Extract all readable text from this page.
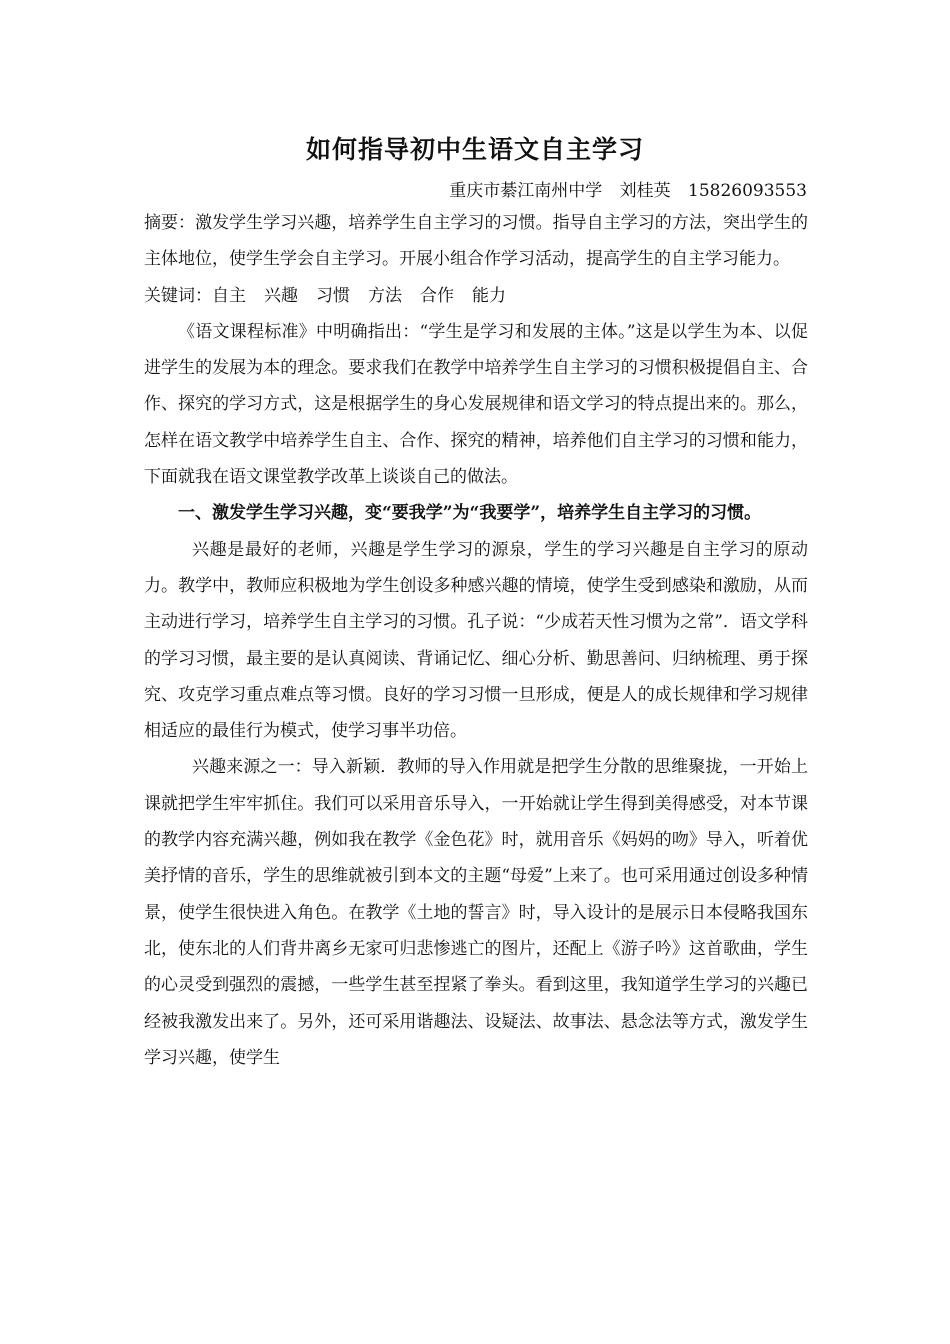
如何指导初中生语文自主学习
重庆市綦江南州中学 刘桂英 15826093553

摘要：激发学生学习兴趣，培养学生自主学习的习惯。指导自主学习的方法，突出学生的主体地位，使学生学会自主学习。开展小组合作学习活动，提高学生的自主学习能力。

关键词：自主 兴趣 习惯 方法 合作 能力

《语文课程标准》中明确指出：“学生是学习和发展的主体。”这是以学生为本、以促进学生的发展为本的理念。要求我们在教学中培养学生自主学习的习惯积极提倡自主、合作、探究的学习方式，这是根据学生的身心发展规律和语文学习的特点提出来的。那么，怎样在语文教学中培养学生自主、合作、探究的精神，培养他们自主学习的习惯和能力，下面就我在语文课堂教学改革上谈谈自己的做法。

一、激发学生学习兴趣，变“要我学”为“我要学”，培养学生自主学习的习惯。

兴趣是最好的老师，兴趣是学生学习的源泉，学生的学习兴趣是自主学习的原动力。教学中，教师应积极地为学生创设多种感兴趣的情境，使学生受到感染和激励，从而主动进行学习，培养学生自主学习的习惯。孔子说：“少成若天性习惯为之常”．语文学科的学习习惯，最主要的是认真阅读、背诵记忆、细心分析、勤思善问、归纳梳理、勇于探究、攻克学习重点难点等习惯。良好的学习习惯一旦形成，便是人的成长规律和学习规律相适应的最佳行为模式，使学习事半功倍。

兴趣来源之一：导入新颖．教师的导入作用就是把学生分散的思维聚拢，一开始上课就把学生牢牢抓住。我们可以采用音乐导入，一开始就让学生得到美得感受，对本节课的教学内容充满兴趣，例如我在教学《金色花》时，就用音乐《妈妈的吻》导入，听着优美抒情的音乐，学生的思维就被引到本文的主题“母爱”上来了。也可采用通过创设多种情景，使学生很快进入角色。在教学《土地的誓言》时，导入设计的是展示日本侵略我国东北，使东北的人们背井离乡无家可归悲惨逃亡的图片，还配上《游子吟》这首歌曲，学生的心灵受到强烈的震撼，一些学生甚至捏紧了拳头。看到这里，我知道学生学习的兴趣已经被我激发出来了。另外，还可采用谐趣法、设疑法、故事法、悬念法等方式，激发学生学习兴趣，使学生
